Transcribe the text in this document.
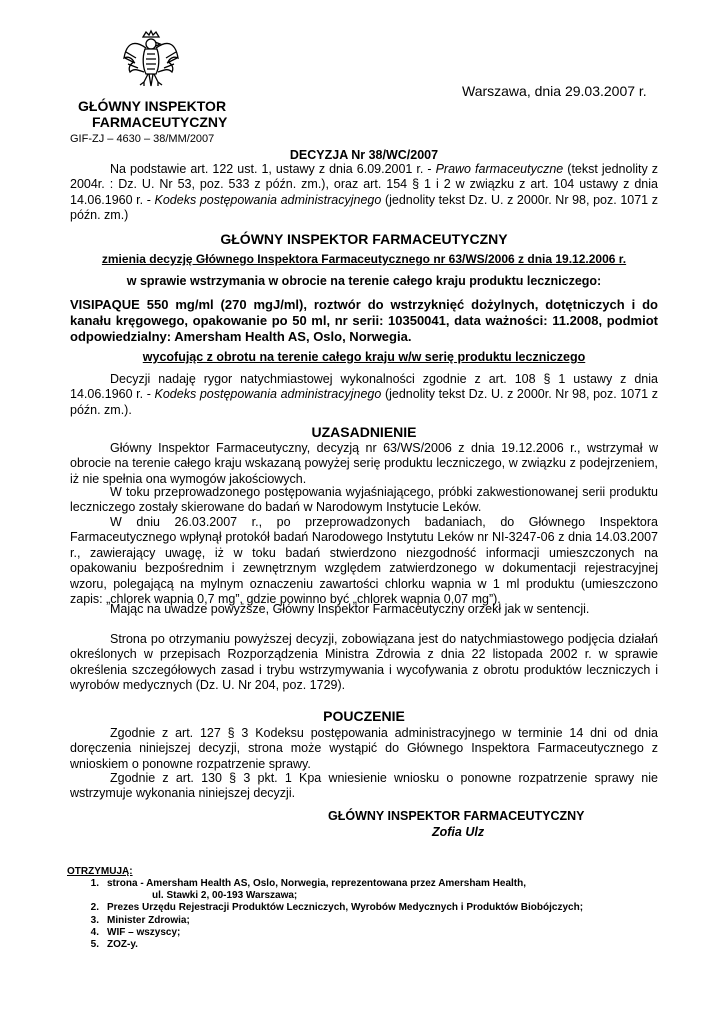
Warszawa, dnia 29.03.2007 r.
GŁÓWNY INSPEKTOR
FARMACEUTYCZNY
GIF-ZJ – 4630 – 38/MM/2007
DECYZJA Nr 38/WC/2007
Na podstawie art. 122 ust. 1, ustawy z dnia 6.09.2001 r. - Prawo farmaceutyczne (tekst jednolity z 2004r. : Dz. U. Nr 53, poz. 533 z późn. zm.), oraz art. 154 § 1 i 2 w związku z art. 104 ustawy z dnia 14.06.1960 r. - Kodeks postępowania administracyjnego (jednolity tekst Dz. U. z 2000r. Nr 98, poz. 1071 z późn. zm.)
GŁÓWNY INSPEKTOR FARMACEUTYCZNY
zmienia decyzję Głównego Inspektora Farmaceutycznego nr 63/WS/2006 z dnia 19.12.2006 r.
w sprawie wstrzymania w obrocie na terenie całego kraju produktu leczniczego:
VISIPAQUE 550 mg/ml (270 mgJ/ml), roztwór do wstrzyknięć dożylnych, dotętniczych i do kanału kręgowego, opakowanie po 50 ml, nr serii: 10350041, data ważności: 11.2008, podmiot odpowiedzialny: Amersham Health AS, Oslo, Norwegia.
wycofując z obrotu na terenie całego kraju w/w serię produktu leczniczego
Decyzji nadaję rygor natychmiastowej wykonalności zgodnie z art. 108 § 1 ustawy z dnia 14.06.1960 r. - Kodeks postępowania administracyjnego (jednolity tekst Dz. U. z 2000r. Nr 98, poz. 1071 z późn. zm.).
UZASADNIENIE
Główny Inspektor Farmaceutyczny, decyzją nr 63/WS/2006 z dnia 19.12.2006 r., wstrzymał w obrocie na terenie całego kraju wskazaną powyżej serię produktu leczniczego, w związku z podejrzeniem, iż nie spełnia ona wymogów jakościowych.
W toku przeprowadzonego postępowania wyjaśniającego, próbki zakwestionowanej serii produktu leczniczego zostały skierowane do badań w Narodowym Instytucie Leków.
W dniu 26.03.2007 r., po przeprowadzonych badaniach, do Głównego Inspektora Farmaceutycznego wpłynął protokół badań Narodowego Instytutu Leków nr NI-3247-06 z dnia 14.03.2007 r., zawierający uwagę, iż w toku badań stwierdzono niezgodność informacji umieszczonych na opakowaniu bezpośrednim i zewnętrznym względem zatwierdzonego w dokumentacji rejestracyjnej wzoru, polegającą na mylnym oznaczeniu zawartości chlorku wapnia w 1 ml produktu (umieszczono zapis: „chlorek wapnia 0,7 mg”, gdzie powinno być „chlorek wapnia 0,07 mg”).
Mając na uwadze powyższe, Główny Inspektor Farmaceutyczny orzekł jak w sentencji.
Strona po otrzymaniu powyższej decyzji, zobowiązana jest do natychmiastowego podjęcia działań określonych w przepisach Rozporządzenia Ministra Zdrowia z dnia 22 listopada 2002 r. w sprawie określenia szczegółowych zasad i trybu wstrzymywania i wycofywania z obrotu produktów leczniczych i wyrobów medycznych (Dz. U. Nr 204, poz. 1729).
POUCZENIE
Zgodnie z art. 127 § 3 Kodeksu postępowania administracyjnego w terminie 14 dni od dnia doręczenia niniejszej decyzji, strona może wystąpić do Głównego Inspektora Farmaceutycznego z wnioskiem o ponowne rozpatrzenie sprawy.
Zgodnie z art. 130 § 3 pkt. 1 Kpa wniesienie wniosku o ponowne rozpatrzenie sprawy nie wstrzymuje wykonania niniejszej decyzji.
GŁÓWNY INSPEKTOR FARMACEUTYCZNY
Zofia Ulz
OTRZYMUJĄ:
1. strona - Amersham Health AS, Oslo, Norwegia, reprezentowana przez Amersham Health,
ul. Stawki 2, 00-193 Warszawa;
2. Prezes Urzędu Rejestracji Produktów Leczniczych, Wyrobów Medycznych i Produktów Biobójczych;
3. Minister Zdrowia;
4. WIF – wszyscy;
5. ZOZ-y.
